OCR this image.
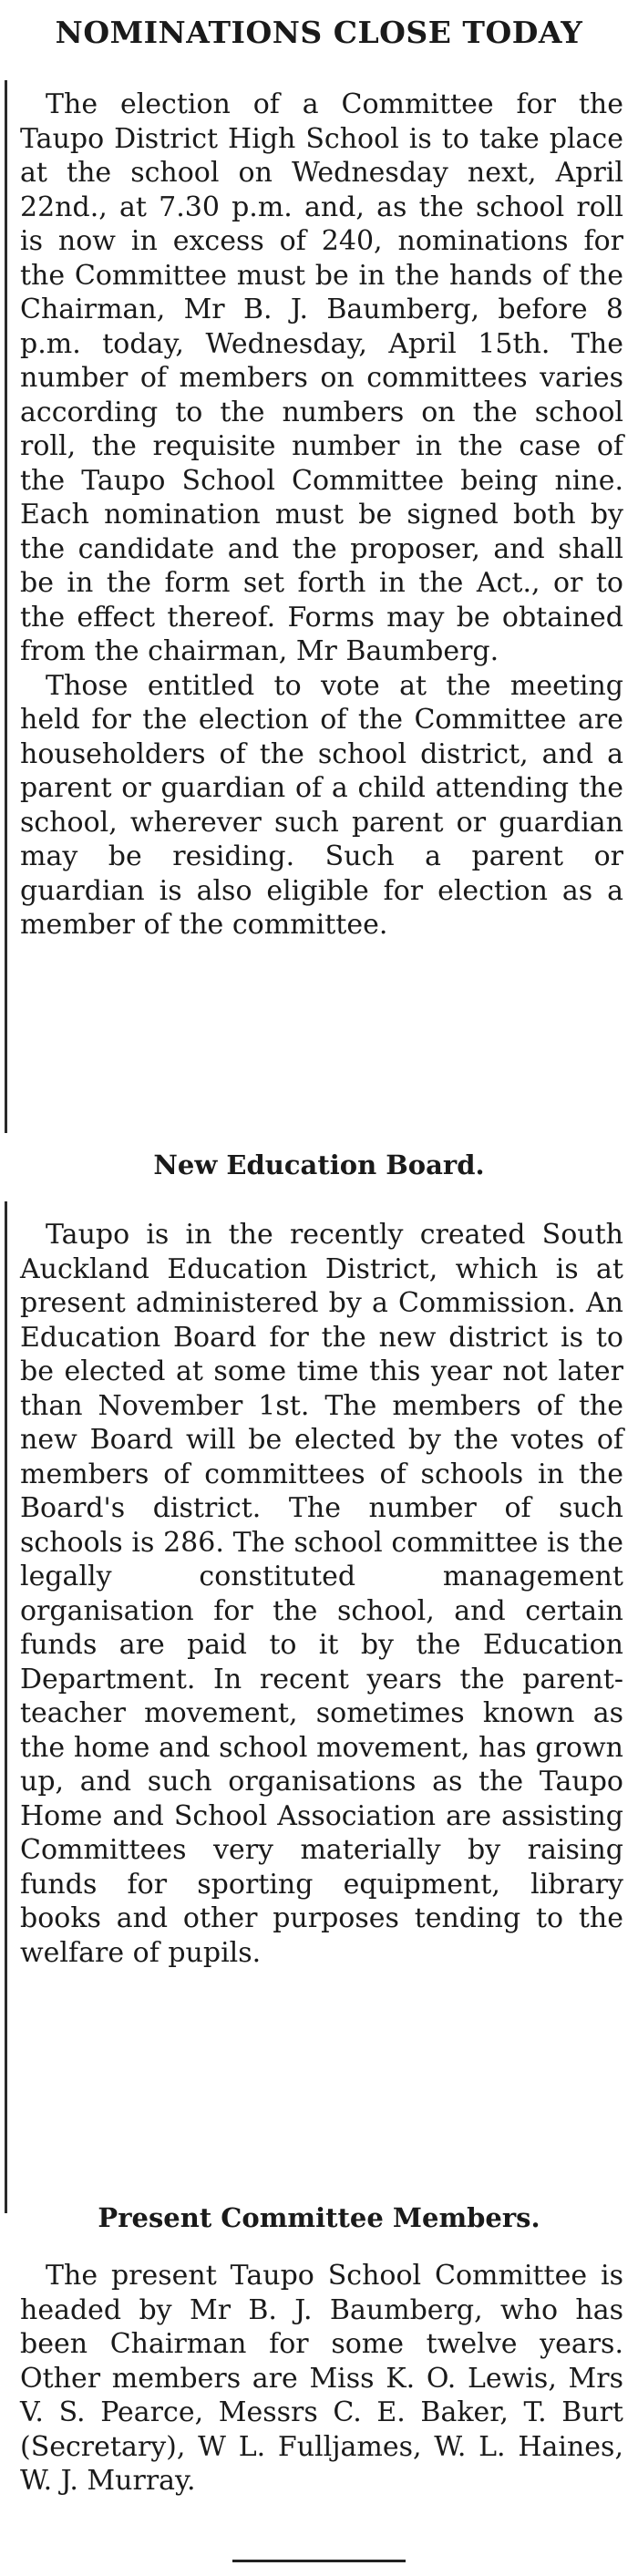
NOMINATIONS CLOSE TODAY

The election of a Committee for the Taupo District High School is to take place at the school on Wednesday next, April 22nd., at 7.30 p.m. and, as the school roll is now in excess of 240, nominations for the Committee must be in the hands of the Chairman, Mr B. J. Baumberg, before 8 p.m. today, Wednesday, April 15th. The number of members on committees varies according to the numbers on the school roll, the requisite number in the case of the Taupo School Committee being nine. Each nomination must be signed both by the candidate and the proposer, and shall be in the form set forth in the Act., or to the effect thereof. Forms may be obtained from the chairman, Mr Baumberg.

Those entitled to vote at the meeting held for the election of the Committee are householders of the school district, and a parent or guardian of a child attending the school, wherever such parent or guardian may be residing. Such a parent or guardian is also eligible for election as a member of the committee.

New Education Board.

Taupo is in the recently created South Auckland Education District, which is at present administered by a Commission. An Education Board for the new district is to be elected at some time this year not later than November 1st. The members of the new Board will be elected by the votes of members of committees of schools in the Board's district. The number of such schools is 286. The school committee is the legally constituted management organisation for the school, and certain funds are paid to it by the Education Department. In recent years the parent-teacher movement, sometimes known as the home and school movement, has grown up, and such organisations as the Taupo Home and School Association are assisting Committees very materially by raising funds for sporting equipment, library books and other purposes tending to the welfare of pupils.

Present Committee Members.

The present Taupo School Committee is headed by Mr B. J. Baumberg, who has been Chairman for some twelve years. Other members are Miss K. O. Lewis, Mrs V. S. Pearce, Messrs C. E. Baker, T. Burt (Secretary), W L. Fulljames, W. L. Haines, W. J. Murray.
